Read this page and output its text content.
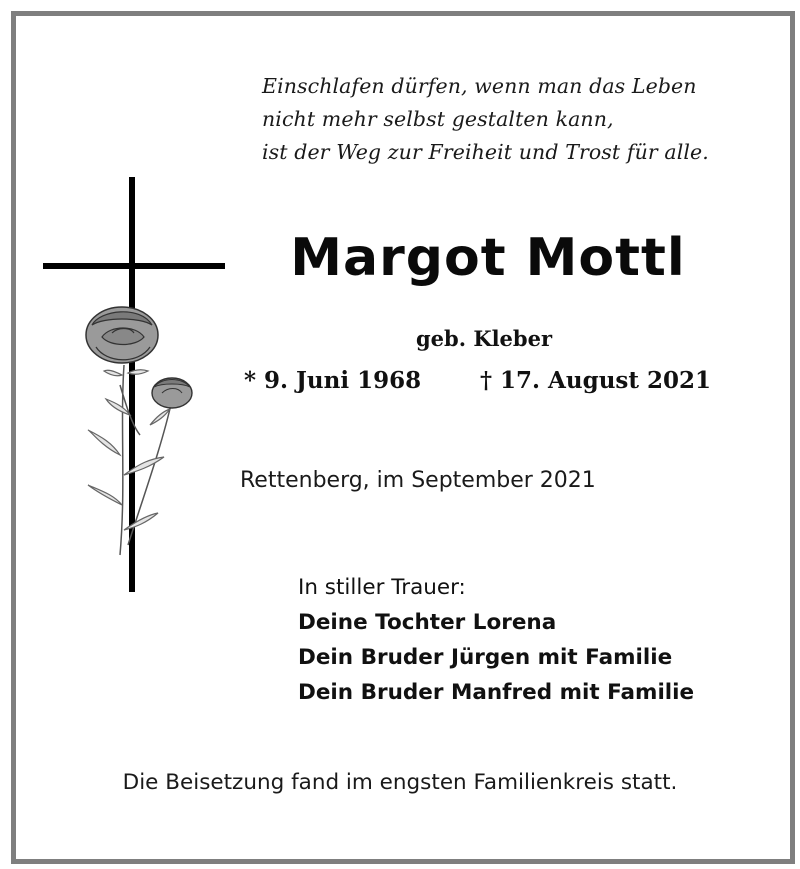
Einschlafen dürfen, wenn man das Leben
nicht mehr selbst gestalten kann,
ist der Weg zur Freiheit und Trost für alle.
Margot Mottl
geb. Kleber
* 9. Juni 1968	† 17. August 2021
Rettenberg, im September 2021
In stiller Trauer:
Deine Tochter Lorena
Dein Bruder Jürgen mit Familie
Dein Bruder Manfred mit Familie
Die Beisetzung fand im engsten Familienkreis statt.
